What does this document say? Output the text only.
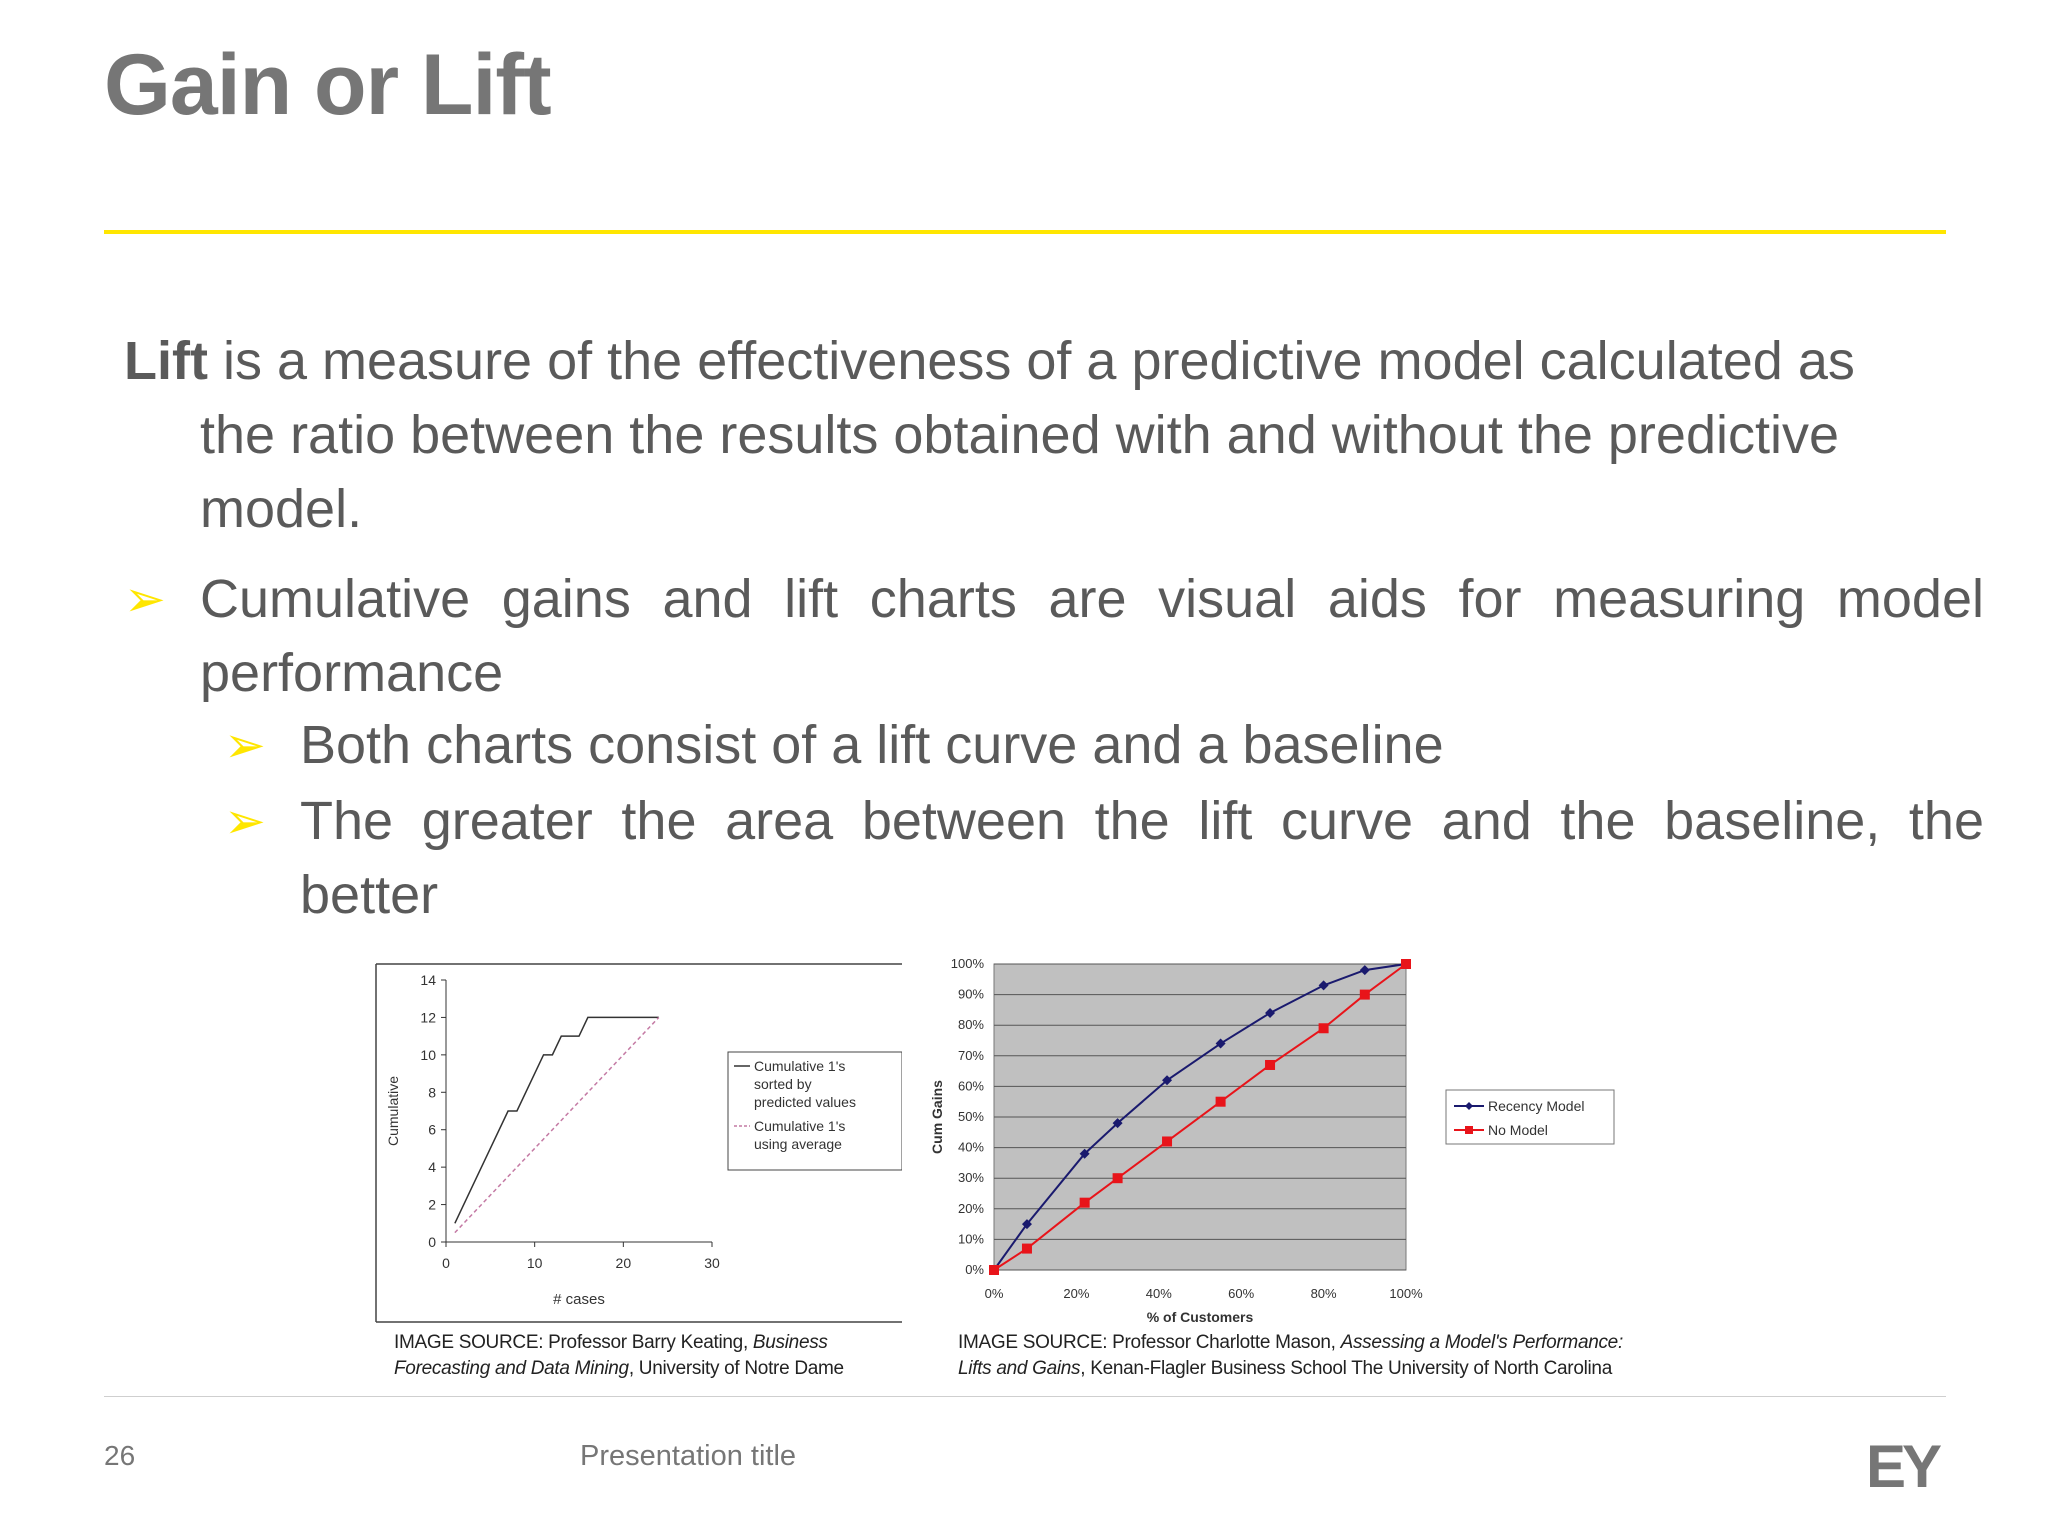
Gain or Lift
Lift is a measure of the effectiveness of a predictive model calculated as
the ratio between the results obtained with and without the predictive
model.
➢ Cumulative gains and lift charts are visual aids for measuring model performance
➢ Both charts consist of a lift curve and a baseline
➢ The greater the area between the lift curve and the baseline, the better
0
2
4
6
8
10
12
14
0	10	20	30
# cases
Cumulative
Cumulative 1's
sorted by
predicted values
Cumulative 1's
using average
0%
10%
20%
30%
40%
50%
60%
70%
80%
90%
100%
0%	20%	40%	60%	80%	100%
% of Customers
Cum Gains	Recency Model
No Model
IMAGE SOURCE: Professor Barry Keating, Business
Forecasting and Data Mining, University of Notre Dame
IMAGE SOURCE: Professor Charlotte Mason, Assessing a Model's Performance:
Lifts and Gains, Kenan-Flagler Business School The University of North Carolina
26	Presentation title	EY
